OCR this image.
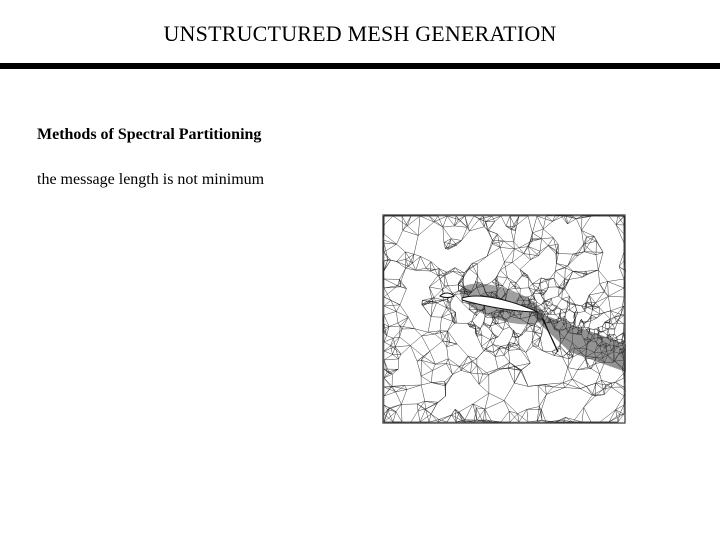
UNSTRUCTURED MESH GENERATION
Methods of Spectral Partitioning
the message length is not minimum
